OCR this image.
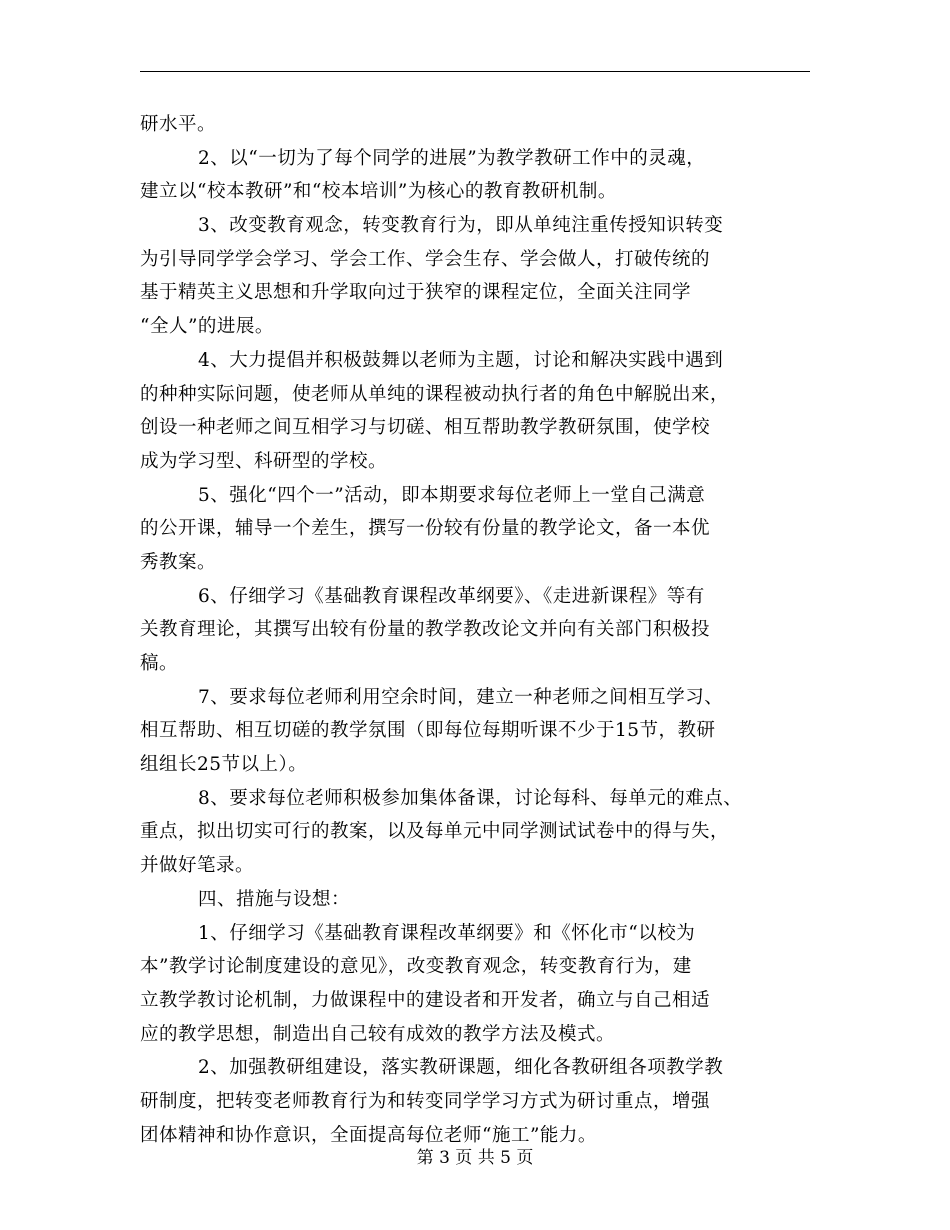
研水平。
2、以“一切为了每个同学的进展”为教学教研工作中的灵魂，
建立以“校本教研”和“校本培训”为核心的教育教研机制。
3、改变教育观念，转变教育行为，即从单纯注重传授知识转变
为引导同学学会学习、学会工作、学会生存、学会做人，打破传统的
基于精英主义思想和升学取向过于狭窄的课程定位，全面关注同学
“全人”的进展。
4、大力提倡并积极鼓舞以老师为主题，讨论和解决实践中遇到
的种种实际问题，使老师从单纯的课程被动执行者的角色中解脱出来，
创设一种老师之间互相学习与切磋、相互帮助教学教研氛围，使学校
成为学习型、科研型的学校。
5、强化“四个一”活动，即本期要求每位老师上一堂自己满意
的公开课，辅导一个差生，撰写一份较有份量的教学论文，备一本优
秀教案。
6、仔细学习《基础教育课程改革纲要》、《走进新课程》等有
关教育理论，其撰写出较有份量的教学教改论文并向有关部门积极投
稿。
7、要求每位老师利用空余时间，建立一种老师之间相互学习、
相互帮助、相互切磋的教学氛围（即每位每期听课不少于15节，教研
组组长25节以上）。
8、要求每位老师积极参加集体备课，讨论每科、每单元的难点、
重点，拟出切实可行的教案，以及每单元中同学测试试卷中的得与失，
并做好笔录。
四、措施与设想：
1、仔细学习《基础教育课程改革纲要》和《怀化市“以校为
本”教学讨论制度建设的意见》，改变教育观念，转变教育行为，建
立教学教讨论机制，力做课程中的建设者和开发者，确立与自己相适
应的教学思想，制造出自己较有成效的教学方法及模式。
2、加强教研组建设，落实教研课题，细化各教研组各项教学教
研制度，把转变老师教育行为和转变同学学习方式为研讨重点，增强
团体精神和协作意识，全面提高每位老师“施工”能力。
第 3 页 共 5 页
